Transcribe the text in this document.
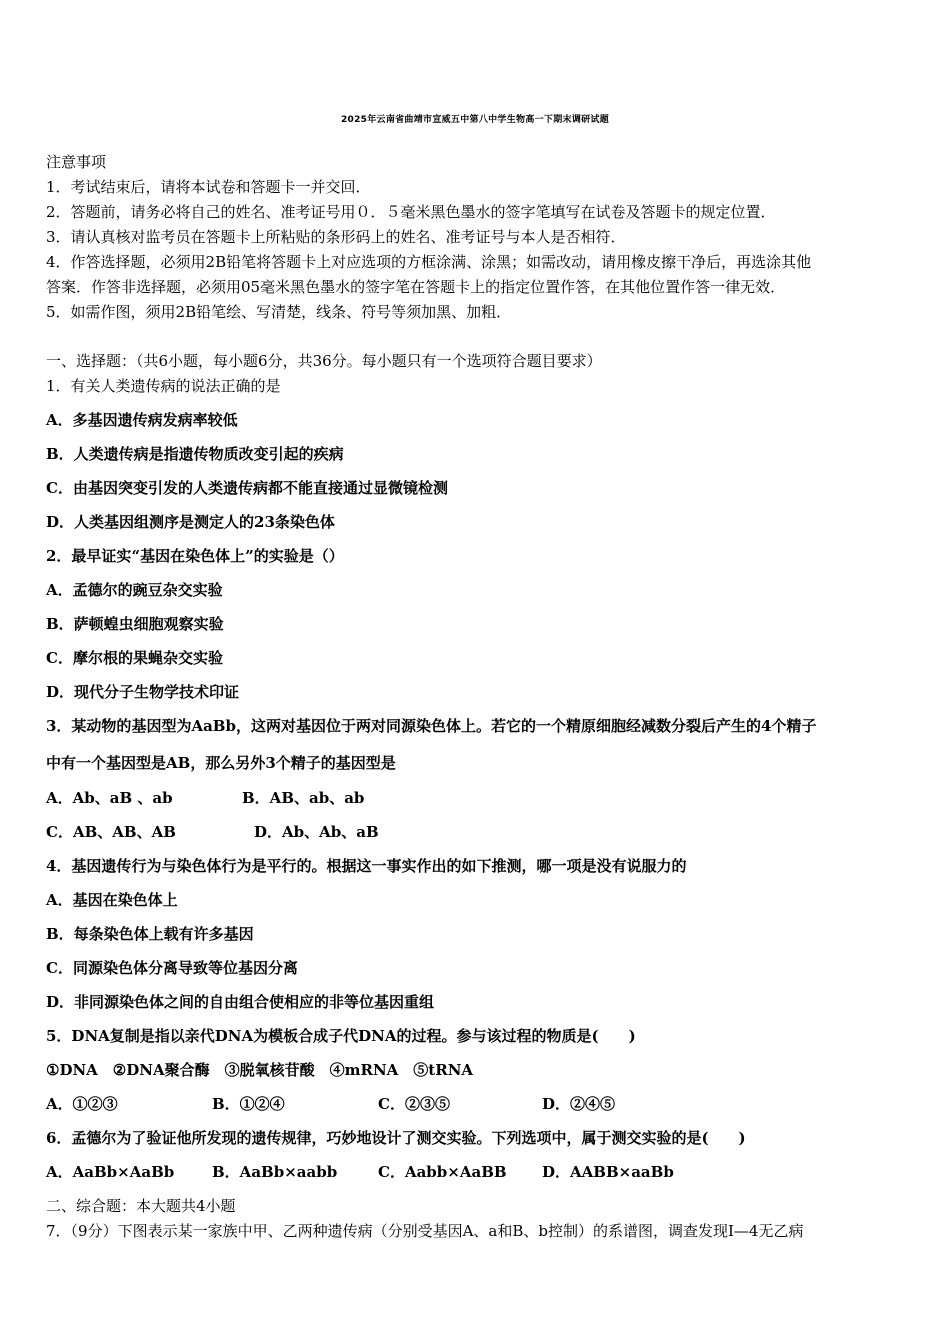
2025年云南省曲靖市宣威五中第八中学生物高一下期末调研试题
注意事项
1．考试结束后，请将本试卷和答题卡一并交回．
2．答题前，请务必将自己的姓名、准考证号用０．５毫米黑色墨水的签字笔填写在试卷及答题卡的规定位置．
3．请认真核对监考员在答题卡上所粘贴的条形码上的姓名、准考证号与本人是否相符．
4．作答选择题，必须用2B铅笔将答题卡上对应选项的方框涂满、涂黑；如需改动，请用橡皮擦干净后，再选涂其他
答案．作答非选择题，必须用05毫米黑色墨水的签字笔在答题卡上的指定位置作答，在其他位置作答一律无效．
5．如需作图，须用2B铅笔绘、写清楚，线条、符号等须加黑、加粗．
一、选择题：（共6小题，每小题6分，共36分。每小题只有一个选项符合题目要求）
1．有关人类遗传病的说法正确的是
A．多基因遗传病发病率较低
B．人类遗传病是指遗传物质改变引起的疾病
C．由基因突变引发的人类遗传病都不能直接通过显微镜检测
D．人类基因组测序是测定人的23条染色体
2．最早证实“基因在染色体上”的实验是（）
A．孟德尔的豌豆杂交实验
B．萨顿蝗虫细胞观察实验
C．摩尔根的果蝇杂交实验
D．现代分子生物学技术印证
3．某动物的基因型为AaBb，这两对基因位于两对同源染色体上。若它的一个精原细胞经减数分裂后产生的4个精子
中有一个基因型是AB，那么另外3个精子的基因型是
A．Ab、aB 、ab	B．AB、ab、ab
C．AB、AB、AB	D．Ab、Ab、aB
4．基因遗传行为与染色体行为是平行的。根据这一事实作出的如下推测，哪一项是没有说服力的
A．基因在染色体上
B．每条染色体上载有许多基因
C．同源染色体分离导致等位基因分离
D．非同源染色体之间的自由组合使相应的非等位基因重组
5．DNA复制是指以亲代DNA为模板合成子代DNA的过程。参与该过程的物质是(　　)
①DNA　②DNA聚合酶　③脱氧核苷酸　④mRNA　⑤tRNA
A．①②③	B．①②④	C．②③⑤	D．②④⑤
6．孟德尔为了验证他所发现的遗传规律，巧妙地设计了测交实验。下列选项中，属于测交实验的是(　　)
A．AaBb×AaBb	B．AaBb×aabb	C．Aabb×AaBB D．AABB×aaBb
二、综合题：本大题共4小题
7．（9分）下图表示某一家族中甲、乙两种遗传病（分别受基因A、a和B、b控制）的系谱图，调查发现Ⅰ—4无乙病
